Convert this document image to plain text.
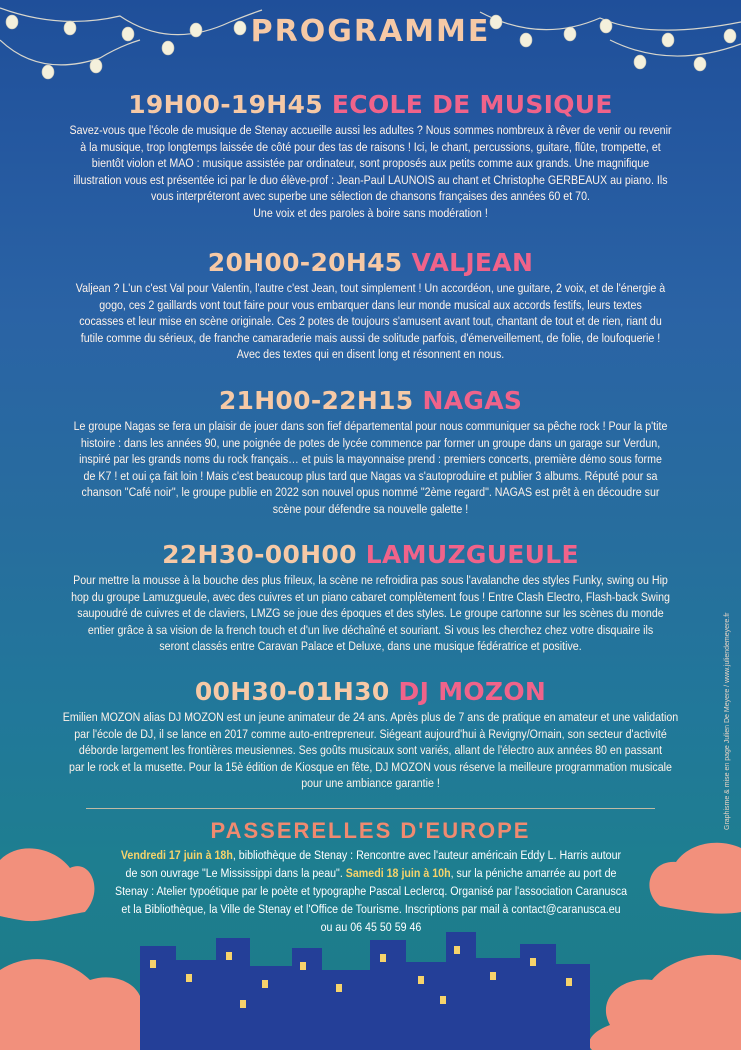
PROGRAMME
19H00-19H45 ECOLE DE MUSIQUE
Savez-vous que l'école de musique de Stenay accueille aussi les adultes ? Nous sommes nombreux à rêver de venir ou revenir
à la musique, trop longtemps laissée de côté pour des tas de raisons ! Ici, le chant, percussions, guitare, flûte, trompette, et
bientôt violon et MAO : musique assistée par ordinateur, sont proposés aux petits comme aux grands. Une magnifique
illustration vous est présentée ici par le duo élève-prof : Jean-Paul LAUNOIS au chant et Christophe GERBEAUX au piano. Ils
vous interpréteront avec superbe une sélection de chansons françaises des années 60 et 70.
Une voix et des paroles à boire sans modération !
20H00-20H45 VALJEAN
Valjean ? L'un c'est Val pour Valentin, l'autre c'est Jean, tout simplement ! Un accordéon, une guitare, 2 voix, et de l'énergie à
gogo, ces 2 gaillards vont tout faire pour vous embarquer dans leur monde musical aux accords festifs, leurs textes
cocasses et leur mise en scène originale. Ces 2 potes de toujours s'amusent avant tout, chantant de tout et de rien, riant du
futile comme du sérieux, de franche camaraderie mais aussi de solitude parfois, d'émerveillement, de folie, de loufoquerie !
Avec des textes qui en disent long et résonnent en nous.
21H00-22H15 NAGAS
Le groupe Nagas se fera un plaisir de jouer dans son fief départemental pour nous communiquer sa pêche rock ! Pour la p'tite
histoire : dans les années 90, une poignée de potes de lycée commence par former un groupe dans un garage sur Verdun,
inspiré par les grands noms du rock français… et puis la mayonnaise prend : premiers concerts, première démo sous forme
de K7 ! et oui ça fait loin ! Mais c'est beaucoup plus tard que Nagas va s'autoproduire et publier 3 albums. Réputé pour sa
chanson "Café noir", le groupe publie en 2022 son nouvel opus nommé "2ème regard". NAGAS est prêt à en découdre sur
scène pour défendre sa nouvelle galette !
22H30-00H00 LAMUZGUEULE
Pour mettre la mousse à la bouche des plus frileux, la scène ne refroidira pas sous l'avalanche des styles Funky, swing ou Hip
hop du groupe Lamuzgueule, avec des cuivres et un piano cabaret complètement fous ! Entre Clash Electro, Flash-back Swing
saupoudré de cuivres et de claviers, LMZG se joue des époques et des styles. Le groupe cartonne sur les scènes du monde
entier grâce à sa vision de la french touch et d'un live déchaîné et souriant. Si vous les cherchez chez votre disquaire ils
seront classés entre Caravan Palace et Deluxe, dans une musique fédératrice et positive.
00H30-01H30 DJ MOZON
Emilien MOZON alias DJ MOZON est un jeune animateur de 24 ans. Après plus de 7 ans de pratique en amateur et une validation
par l'école de DJ, il se lance en 2017 comme auto-entrepreneur. Siégeant aujourd'hui à Revigny/Ornain, son secteur d'activité
déborde largement les frontières meusiennes. Ses goûts musicaux sont variés, allant de l'électro aux années 80 en passant
par le rock et la musette. Pour la 15è édition de Kiosque en fête, DJ MOZON vous réserve la meilleure programmation musicale
pour une ambiance garantie !
PASSERELLES D'EUROPE
Vendredi 17 juin à 18h, bibliothèque de Stenay : Rencontre avec l'auteur américain Eddy L. Harris autour
de son ouvrage "Le Mississippi dans la peau". Samedi 18 juin à 10h, sur la péniche amarrée au port de
Stenay : Atelier typoétique par le poète et typographe Pascal Leclercq. Organisé par l'association Caranusca
et la Bibliothèque, la Ville de Stenay et l'Office de Tourisme. Inscriptions par mail à contact@caranusca.eu
ou au 06 45 50 59 46
Graphisme & mise en page Julien De Meyere / www.juliendemeyere.fr
